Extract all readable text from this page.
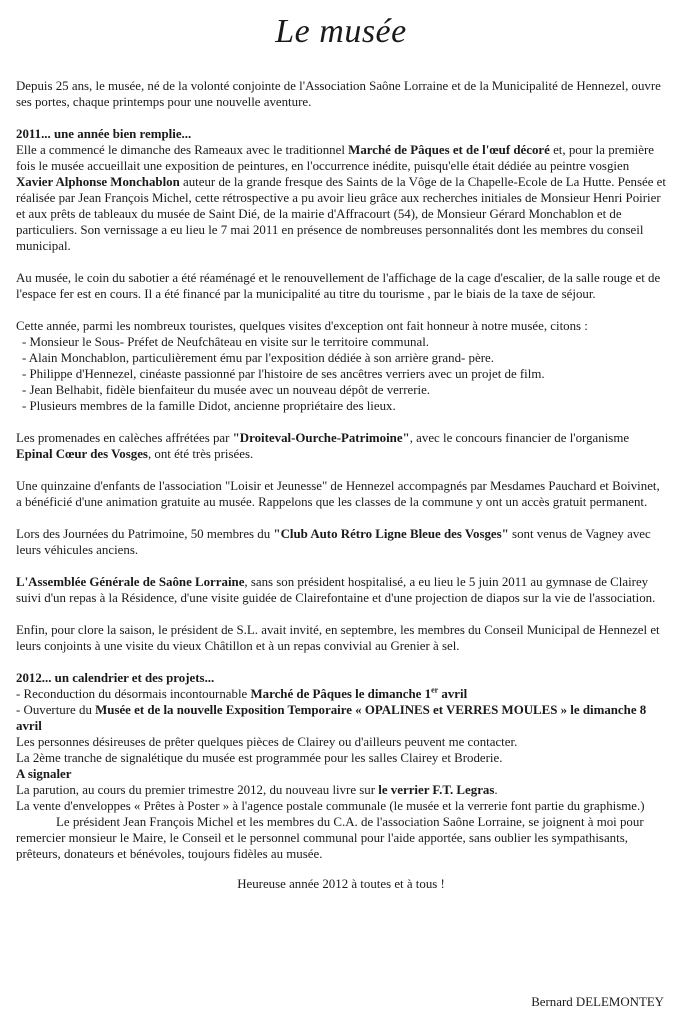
Le musée

Depuis 25 ans, le musée, né de la volonté conjointe de l'Association Saône Lorraine et de la Municipalité de Hennezel, ouvre ses portes, chaque printemps pour une nouvelle aventure.

2011... une année bien remplie...

Elle a commencé le dimanche des Rameaux avec le traditionnel Marché de Pâques et de l'œuf décoré et, pour la première fois le musée accueillait une exposition de peintures, en l'occurrence inédite, puisqu'elle était dédiée au peintre vosgien Xavier Alphonse Monchablon auteur de la grande fresque des Saints de la Vôge de la Chapelle-Ecole de La Hutte. Pensée et réalisée par Jean François Michel, cette rétrospective a pu avoir lieu grâce aux recherches initiales de Monsieur Henri Poirier et aux prêts de tableaux du musée de Saint Dié, de la mairie d'Affracourt (54), de Monsieur Gérard Monchablon et de particuliers. Son vernissage a eu lieu le 7 mai 2011 en présence de nombreuses personnalités dont les membres du conseil municipal.

Au musée, le coin du sabotier a été réaménagé et le renouvellement de l'affichage de la cage d'escalier, de la salle rouge et de l'espace fer est en cours. Il a été financé par la municipalité au titre du tourisme , par le biais de la taxe de séjour.

Cette année, parmi les nombreux touristes, quelques visites d'exception ont fait honneur à notre musée, citons :

- Monsieur le Sous- Préfet de Neufchâteau en visite sur le territoire communal.
- Alain Monchablon, particulièrement ému par l'exposition dédiée à son arrière grand- père.
- Philippe d'Hennezel, cinéaste passionné par l'histoire de ses ancêtres verriers avec un projet de film.
- Jean Belhabit, fidèle bienfaiteur du musée avec un nouveau dépôt de verrerie.
- Plusieurs membres de la famille Didot, ancienne propriétaire des lieux.

Les promenades en calèches affrétées par "Droiteval-Ourche-Patrimoine", avec le concours financier de l'organisme Epinal Cœur des Vosges, ont été très prisées.

Une quinzaine d'enfants de l'association "Loisir et Jeunesse" de Hennezel accompagnés par Mesdames Pauchard et Boivinet, a bénéficié d'une animation gratuite au musée. Rappelons que les classes de la commune y ont un accès gratuit permanent.

Lors des Journées du Patrimoine, 50 membres du "Club Auto Rétro Ligne Bleue des Vosges" sont venus de Vagney avec leurs véhicules anciens.

L'Assemblée Générale de Saône Lorraine, sans son président hospitalisé, a eu lieu le 5 juin 2011 au gymnase de Clairey suivi d'un repas à la Résidence, d'une visite guidée de Clairefontaine et d'une projection de diapos sur la vie de l'association.

Enfin, pour clore la saison, le président de S.L. avait invité, en septembre, les membres du Conseil Municipal de Hennezel et leurs conjoints à une visite du vieux Châtillon et à un repas convivial au Grenier à sel.

2012... un calendrier et des projets...
- Reconduction du désormais incontournable Marché de Pâques le dimanche 1er avril
- Ouverture du Musée et de la nouvelle Exposition Temporaire « OPALINES et VERRES MOULES » le dimanche 8 avril
Les personnes désireuses de prêter quelques pièces de Clairey ou d'ailleurs peuvent me contacter.
La 2ème tranche de signalétique du musée est programmée pour les salles Clairey et Broderie.
A signaler
La parution, au cours du premier trimestre 2012, du nouveau livre sur le verrier F.T. Legras.
La vente d'enveloppes « Prêtes à Poster » à l'agence postale communale (le musée et la verrerie font partie du graphisme.)
Le président Jean François Michel et les membres du C.A. de l'association Saône Lorraine, se joignent à moi pour remercier monsieur le Maire, le Conseil et le personnel communal pour l'aide apportée, sans oublier les sympathisants, prêteurs, donateurs et bénévoles, toujours fidèles au musée.
Heureuse année 2012 à toutes et à tous !
Bernard DELEMONTEY
